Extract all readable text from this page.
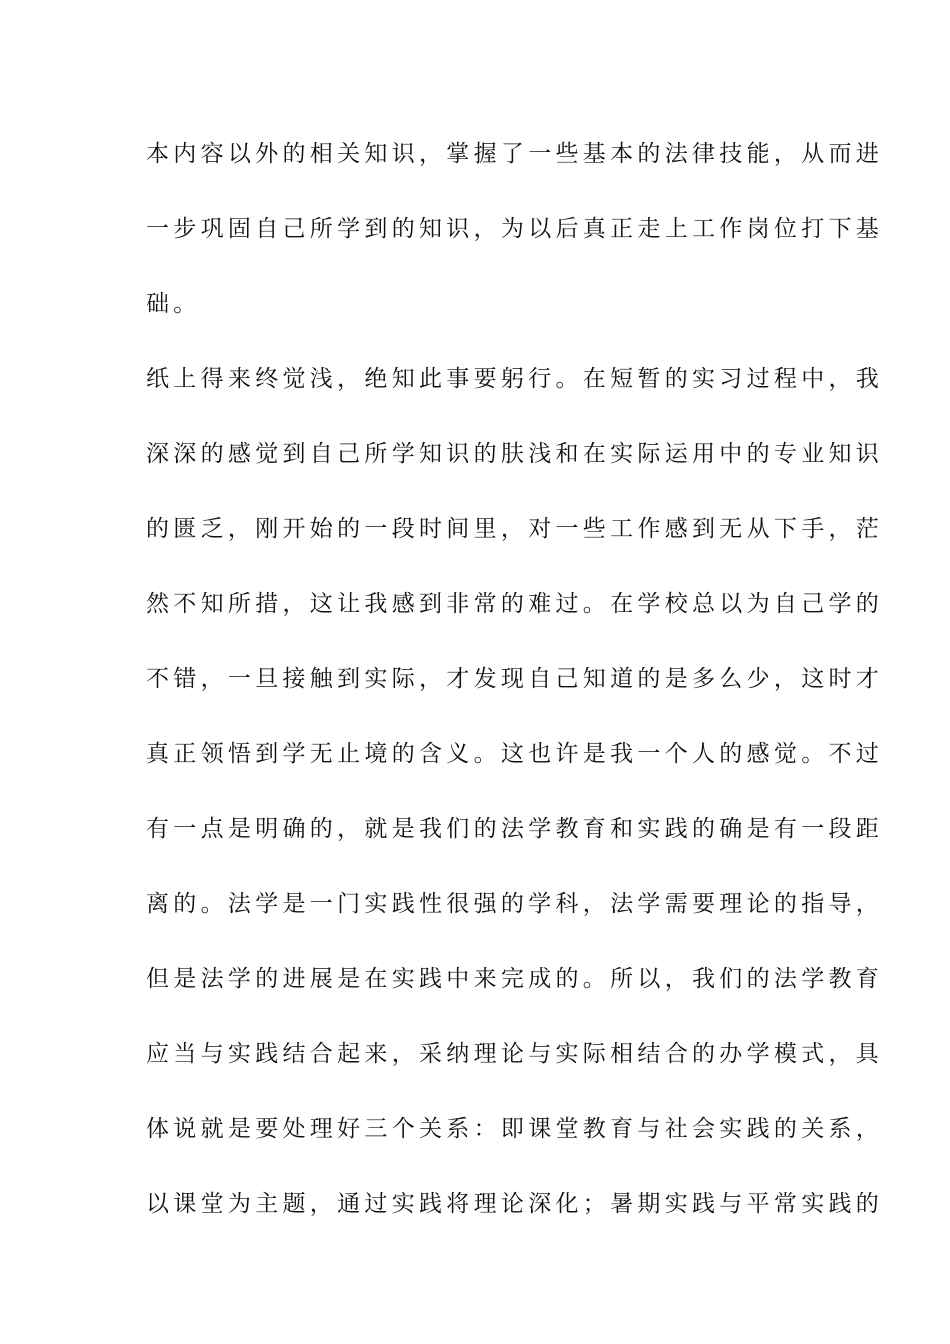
本内容以外的相关知识，掌握了一些基本的法律技能，从而进
一步巩固自己所学到的知识，为以后真正走上工作岗位打下基
础。
纸上得来终觉浅，绝知此事要躬行。在短暂的实习过程中，我
深深的感觉到自己所学知识的肤浅和在实际运用中的专业知识
的匮乏，刚开始的一段时间里，对一些工作感到无从下手，茫
然不知所措，这让我感到非常的难过。在学校总以为自己学的
不错，一旦接触到实际，才发现自己知道的是多么少，这时才
真正领悟到学无止境的含义。这也许是我一个人的感觉。不过
有一点是明确的，就是我们的法学教育和实践的确是有一段距
离的。法学是一门实践性很强的学科，法学需要理论的指导，
但是法学的进展是在实践中来完成的。所以，我们的法学教育
应当与实践结合起来，采纳理论与实际相结合的办学模式，具
体说就是要处理好三个关系：即课堂教育与社会实践的关系，
以课堂为主题，通过实践将理论深化；暑期实践与平常实践的
